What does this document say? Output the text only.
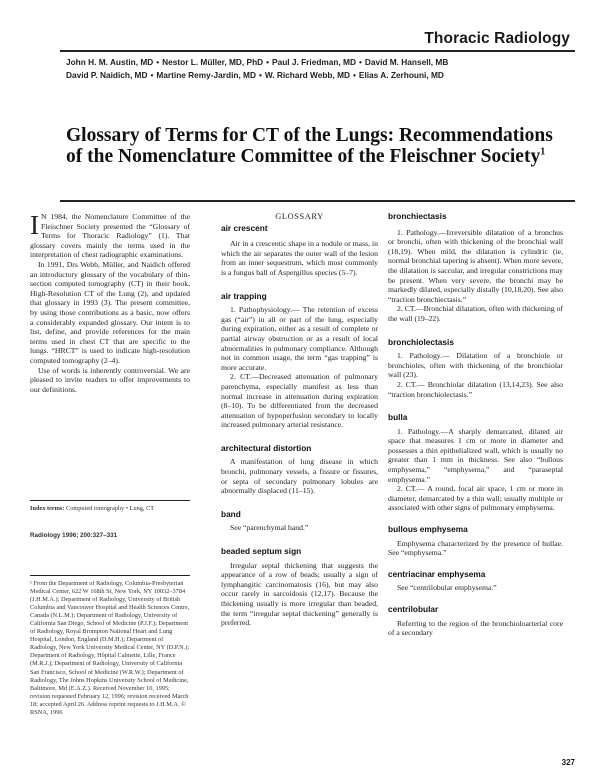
Thoracic Radiology
John H. M. Austin, MD • Nestor L. Müller, MD, PhD • Paul J. Friedman, MD • David M. Hansell, MB
David P. Naidich, MD • Martine Remy-Jardin, MD • W. Richard Webb, MD • Elias A. Zerhouni, MD
Glossary of Terms for CT of the Lungs: Recommendations of the Nomenclature Committee of the Fleischner Society$^1$

I N 1984, the Nomenclature Committee of the Fleischner Society presented the “Glossary of Terms for Thoracic Radiology” (1). That glossary covers mainly the terms used in the interpretation of chest radiographic examinations.

In 1991, Drs Webb, Müller, and Naidich offered an introductory glossary of the vocabulary of thin-section computed tomography (CT) in their book, High-Resolution CT of the Lung (2), and updated that glossary in 1993 (3). The present committee, by using those contributions as a basic, now offers a considerably expanded glossary. Our intent is to list, define, and provide references for the main terms used in chest CT that are specific to the lungs. “HRCT” is used to indicate high-resolution computed tomography (2–4).

Use of words is inherently controversial. We are pleased to invite readers to offer improvements to our definitions.

Index terms: Computed tomography • Lung, CT
Radiology 1996; 200:327–331
¹ From the Department of Radiology, Columbia-Presbyterian Medical Center, 622 W 168th St, New York, NY 10032–3784 (J.H.M.A.); Department of Radiology, University of British Columbia and Vancouver Hospital and Health Sciences Centre, Canada (N.L.M.); Department of Radiology, University of California San Diego, School of Medicine (P.J.F.); Department of Radiology, Royal Brompton National Heart and Lung Hospital, London, England (D.M.H.); Department of Radiology, New York University Medical Center, NY (D.P.N.); Department of Radiology, Hôpital Calmette, Lille, France (M.R.J.); Department of Radiology, University of California San Francisco, School of Medicine (W.R.W.); Department of Radiology, The Johns Hopkins University School of Medicine, Baltimore, Md (E.A.Z.). Received November 10, 1995; revision requested February 12, 1996; revision received March 18; accepted April 26. Address reprint requests to J.H.M.A. © RSNA, 1996
GLOSSARY
air crescent

Air in a crescentic shape in a nodule or mass, in which the air separates the outer wall of the lesion from an inner sequestrum, which most commonly is a fungus ball of Aspergillus species (5–7).

air trapping

1. Pathophysiology.— The retention of excess gas (“air”) in all or part of the lung, especially during expiration, either as a result of complete or partial airway obstruction or as a result of local abnormalities in pulmonary compliance. Although not in common usage, the term “gas trapping” is more accurate.

2. CT.—Decreased attenuation of pulmonary parenchyma, especially manifest as less than normal increase in attenuation during expiration (8–10). To be differentiated from the decreased attenuation of hypoperfusion secondary to locally increased pulmonary arterial resistance.

architectural distortion

A manifestation of lung disease in which bronchi, pulmonary vessels, a fissure or fissures, or septa of secondary pulmonary lobules are abnormally displaced (11–15).

band

See “parenchymal band.”

beaded septum sign

Irregular septal thickening that suggests the appearance of a row of beads; usually a sign of lymphangitic carcinomatosis (16), but may also occur rarely in sarcoidosis (12,17). Because the thickening usually is more irregular than beaded, the term “irregular septal thickening” generally is preferred.

bronchiectasis

1. Pathology.—Irreversible dilatation of a bronchus or bronchi, often with thickening of the bronchial wall (18,19). When mild, the dilatation is cylindric (ie, normal bronchial tapering is absent). When more severe, the dilatation is saccular, and irregular constrictions may be present. When very severe, the bronchi may be markedly dilated, especially distally (10,18,20). See also “traction bronchiectasis.”

2. CT.—Bronchial dilatation, often with thickening of the wall (19–22).

bronchiolectasis

1. Pathology.— Dilatation of a bronchiole or bronchioles, often with thickening of the bronchiolar wall (23).

2. CT.— Bronchiolar dilatation (13,14,23). See also “traction bronchiolectasis.”

bulla

1. Pathology.—A sharply demarcated, dilated air space that measures 1 cm or more in diameter and possesses a thin epithelialized wall, which is usually no greater than 1 mm in thickness. See also “bullous emphysema,” “emphysema,” and “paraseptal emphysema.”

2. CT.— A round, focal air space, 1 cm or more in diameter, demarcated by a thin wall; usually multiple or associated with other signs of pulmonary emphysema.

bullous emphysema

Emphysema characterized by the presence of bullae. See “emphysema.”

centriacinar emphysema

See “centrilobular emphysema.”

centrilobular

Referring to the region of the bronchioloarterial core of a secondary

327
